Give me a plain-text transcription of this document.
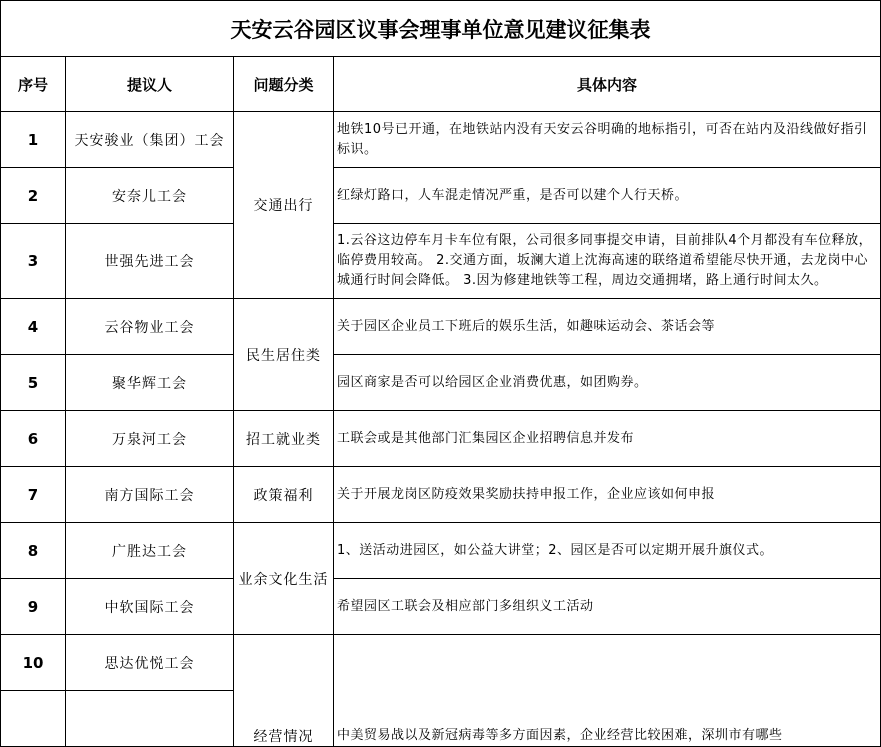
天安云谷园区议事会理事单位意见建议征集表			
序号	提议人	问题分类	具体内容
1	天安骏业（集团）工会	交通出行	地铁10号已开通，在地铁站内没有天安云谷明确的地标指引，可否在站内及沿线做好指引标识。
2	安奈儿工会		红绿灯路口，人车混走情况严重，是否可以建个人行天桥。
3	世强先进工会		1.云谷这边停车月卡车位有限，公司很多同事提交申请，目前排队4个月都没有车位释放，临停费用较高。 2.交通方面，坂澜大道上沈海高速的联络道希望能尽快开通，去龙岗中心城通行时间会降低。 3.因为修建地铁等工程，周边交通拥堵，路上通行时间太久。
4	云谷物业工会	民生居住类	关于园区企业员工下班后的娱乐生活，如趣味运动会、茶话会等
5	聚华辉工会		园区商家是否可以给园区企业消费优惠，如团购券。
6	万泉河工会	招工就业类	工联会或是其他部门汇集园区企业招聘信息并发布
7	南方国际工会	政策福利	关于开展龙岗区防疫效果奖励扶持申报工作，企业应该如何申报
8	广胜达工会	业余文化生活	1、送活动进园区，如公益大讲堂；2、园区是否可以定期开展升旗仪式。
9	中软国际工会		希望园区工联会及相应部门多组织义工活动
10	思达优悦工会	经营情况	中美贸易战以及新冠病毒等多方面因素，企业经营比较困难，深圳市有哪些
